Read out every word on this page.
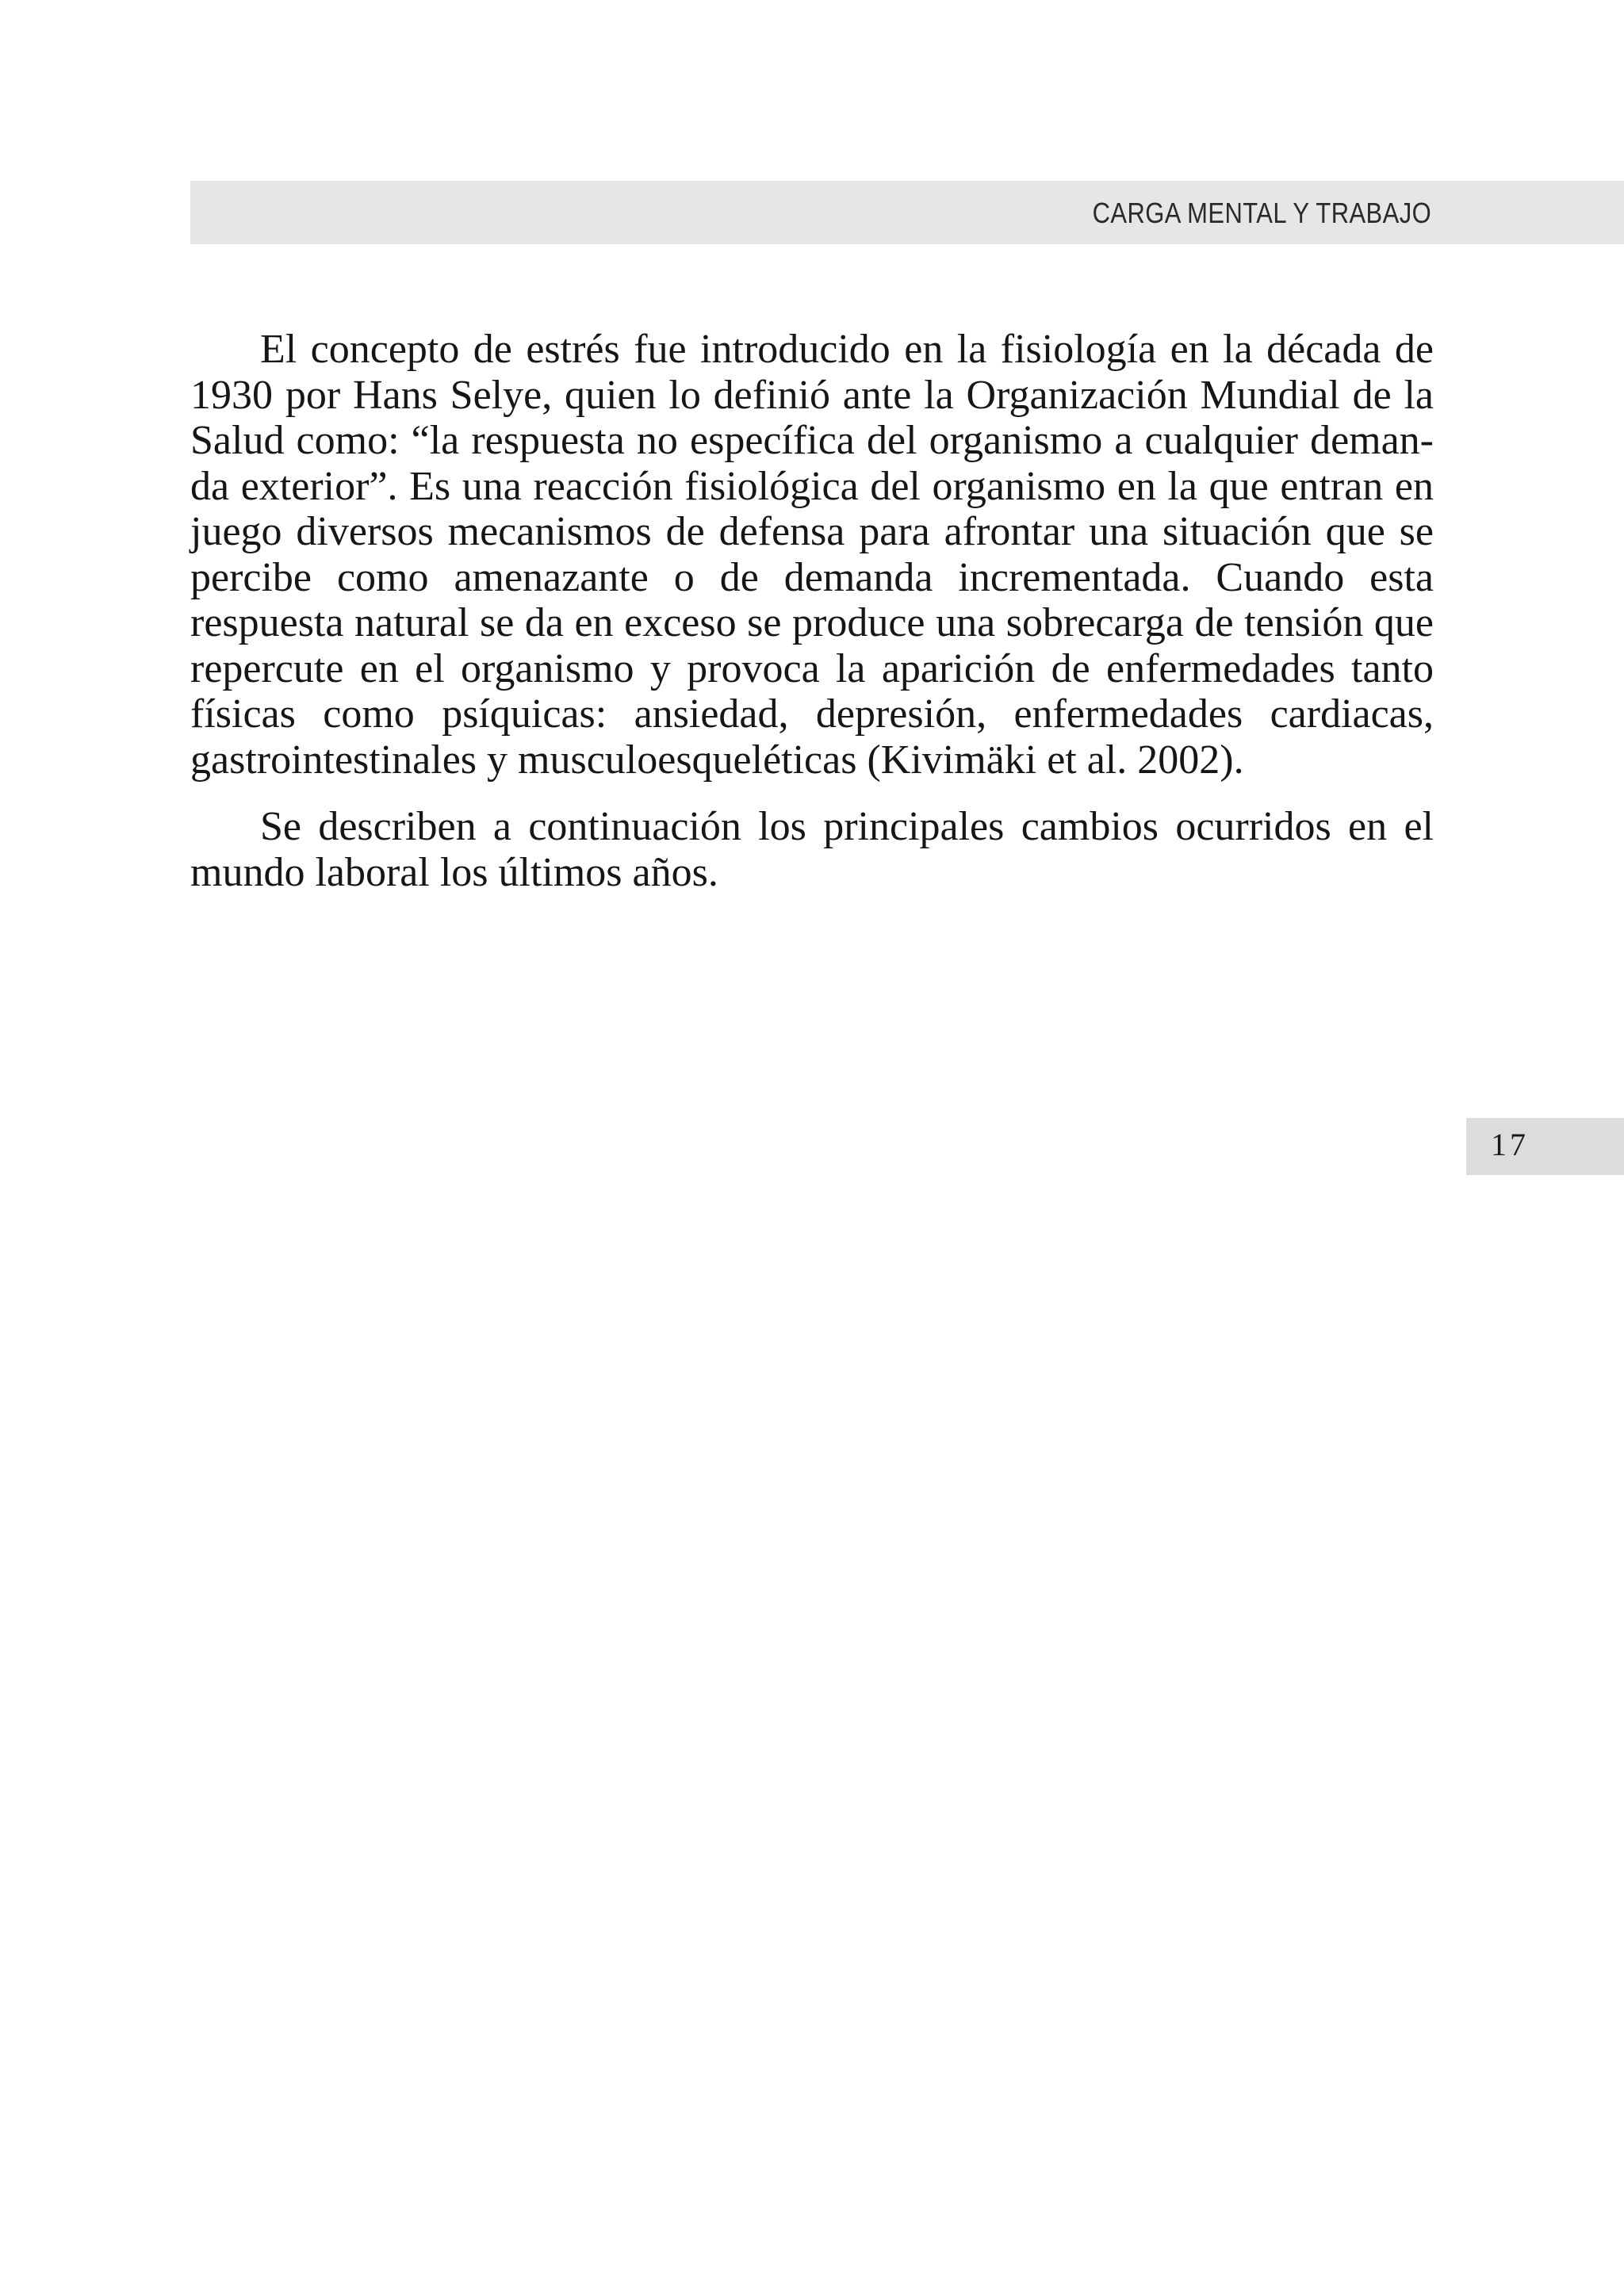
CARGA MENTAL Y TRABAJO

El concepto de estrés fue introducido en la fisiología en la década de 1930 por Hans Selye, quien lo definió ante la Organización Mundial de la Salud como: “la respuesta no específica del organismo a cualquier demanda exterior”. Es una reacción fisiológica del organismo en la que entran en juego diversos mecanismos de defensa para afrontar una situación que se percibe como amenazante o de demanda incrementada. Cuando esta respuesta natural se da en exceso se produce una sobrecarga de tensión que repercute en el organismo y provoca la aparición de enfermedades tanto físicas como psíquicas: ansiedad, depresión, enfermedades cardiacas, gastrointestinales y musculoesqueléticas (Kivimäki et al. 2002).

Se describen a continuación los principales cambios ocurridos en el mundo laboral los últimos años.

17
